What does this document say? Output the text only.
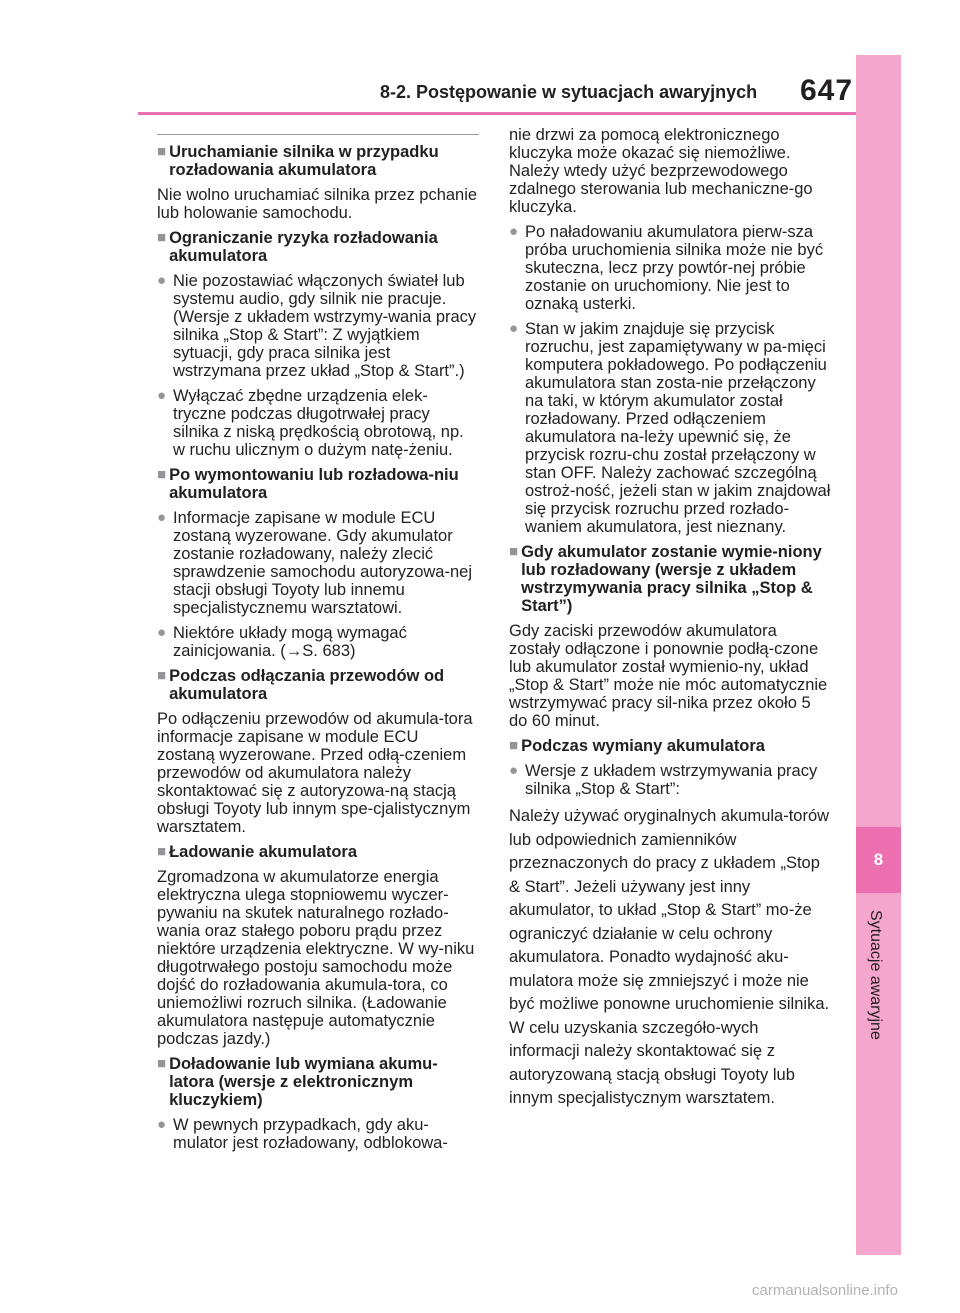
8
Sytuacje awaryjne
8-2. Postępowanie w sytuacjach awaryjnych 647
■ Uruchamianie silnika w przypadku rozładowania akumulatora
Nie wolno uruchamiać silnika przez pchanie lub holowanie samochodu.
■ Ograniczanie ryzyka rozładowania akumulatora
● Nie pozostawiać włączonych świateł lub systemu audio, gdy silnik nie pracuje. (Wersje z układem wstrzymy-wania pracy silnika „Stop & Start”: Z wyjątkiem sytuacji, gdy praca silnika jest wstrzymana przez układ „Stop & Start”.)
● Wyłączać zbędne urządzenia elek-tryczne podczas długotrwałej pracy silnika z niską prędkością obrotową, np. w ruchu ulicznym o dużym natę-żeniu.
■ Po wymontowaniu lub rozładowa-niu akumulatora
● Informacje zapisane w module ECU zostaną wyzerowane. Gdy akumulator zostanie rozładowany, należy zlecić sprawdzenie samochodu autoryzowa-nej stacji obsługi Toyoty lub innemu specjalistycznemu warsztatowi.
● Niektóre układy mogą wymagać zainicjowania. (→S. 683)
■ Podczas odłączania przewodów od akumulatora
Po odłączeniu przewodów od akumula-tora informacje zapisane w module ECU zostaną wyzerowane. Przed odłą-czeniem przewodów od akumulatora należy skontaktować się z autoryzowa-ną stacją obsługi Toyoty lub innym spe-cjalistycznym warsztatem.
■ Ładowanie akumulatora
Zgromadzona w akumulatorze energia elektryczna ulega stopniowemu wyczer-pywaniu na skutek naturalnego rozłado-wania oraz stałego poboru prądu przez niektóre urządzenia elektryczne. W wy-niku długotrwałego postoju samochodu może dojść do rozładowania akumula-tora, co uniemożliwi rozruch silnika. (Ładowanie akumulatora następuje automatycznie podczas jazdy.)
■ Doładowanie lub wymiana akumu-latora (wersje z elektronicznym kluczykiem)
● W pewnych przypadkach, gdy aku-mulator jest rozładowany, odblokowa-
nie drzwi za pomocą elektronicznego kluczyka może okazać się niemożliwe. Należy wtedy użyć bezprzewodowego zdalnego sterowania lub mechaniczne-go kluczyka.
● Po naładowaniu akumulatora pierw-sza próba uruchomienia silnika może nie być skuteczna, lecz przy powtór-nej próbie zostanie on uruchomiony. Nie jest to oznaką usterki.
● Stan w jakim znajduje się przycisk rozruchu, jest zapamiętywany w pa-mięci komputera pokładowego. Po podłączeniu akumulatora stan zosta-nie przełączony na taki, w którym akumulator został rozładowany. Przed odłączeniem akumulatora na-leży upewnić się, że przycisk rozru-chu został przełączony w stan OFF. Należy zachować szczególną ostroż-ność, jeżeli stan w jakim znajdował się przycisk rozruchu przed rozłado-waniem akumulatora, jest nieznany.
■ Gdy akumulator zostanie wymie-niony lub rozładowany (wersje z układem wstrzymywania pracy silnika „Stop & Start”)
Gdy zaciski przewodów akumulatora zostały odłączone i ponownie podłą-czone lub akumulator został wymienio-ny, układ „Stop & Start” może nie móc automatycznie wstrzymywać pracy sil-nika przez około 5 do 60 minut.
■ Podczas wymiany akumulatora
● Wersje z układem wstrzymywania pracy silnika „Stop & Start”:
Należy używać oryginalnych akumula-torów lub odpowiednich zamienników przeznaczonych do pracy z układem „Stop & Start”. Jeżeli używany jest inny akumulator, to układ „Stop & Start” mo-że ograniczyć działanie w celu ochrony akumulatora. Ponadto wydajność aku-mulatora może się zmniejszyć i może nie być możliwe ponowne uruchomienie silnika. W celu uzyskania szczegóło-wych informacji należy skontaktować się z autoryzowaną stacją obsługi Toyoty lub innym specjalistycznym warsztatem.
carmanualsonline.info
